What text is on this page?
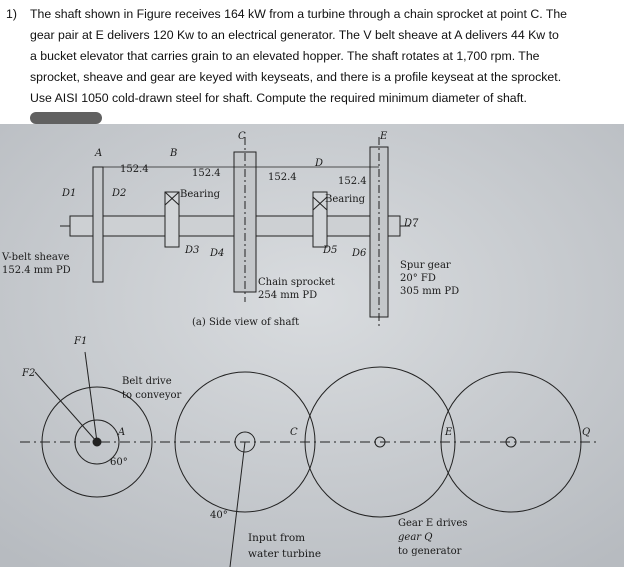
1) The shaft shown in Figure receives 164 kW from a turbine through a chain sprocket at point C. The
gear pair at E delivers 120 Kw to an electrical generator. The V belt sheave at A delivers 44 Kw to
a bucket elevator that carries grain to an elevated hopper. The shaft rotates at 1,700 rpm. The
sprocket, sheave and gear are keyed with keyseats, and there is a profile keyseat at the sprocket.
Use AISI 1050 cold-drawn steel for shaft. Compute the required minimum diameter of shaft.
A	B
C
D
E
152.4	152.4	152.4	152.4
D1	D2
D3 D4	D5 D6
D7
Bearing	Bearing
V-belt sheave
152.4 mm PD
Chain sprocket
254 mm PD
Spur gear
20° FD
305 mm PD
(a) Side view of shaft
F1
F2
Belt drive
to conveyor
A	C	E	Q
60°
40°
Input from
water turbine
Gear E drives
gear Q
to generator
